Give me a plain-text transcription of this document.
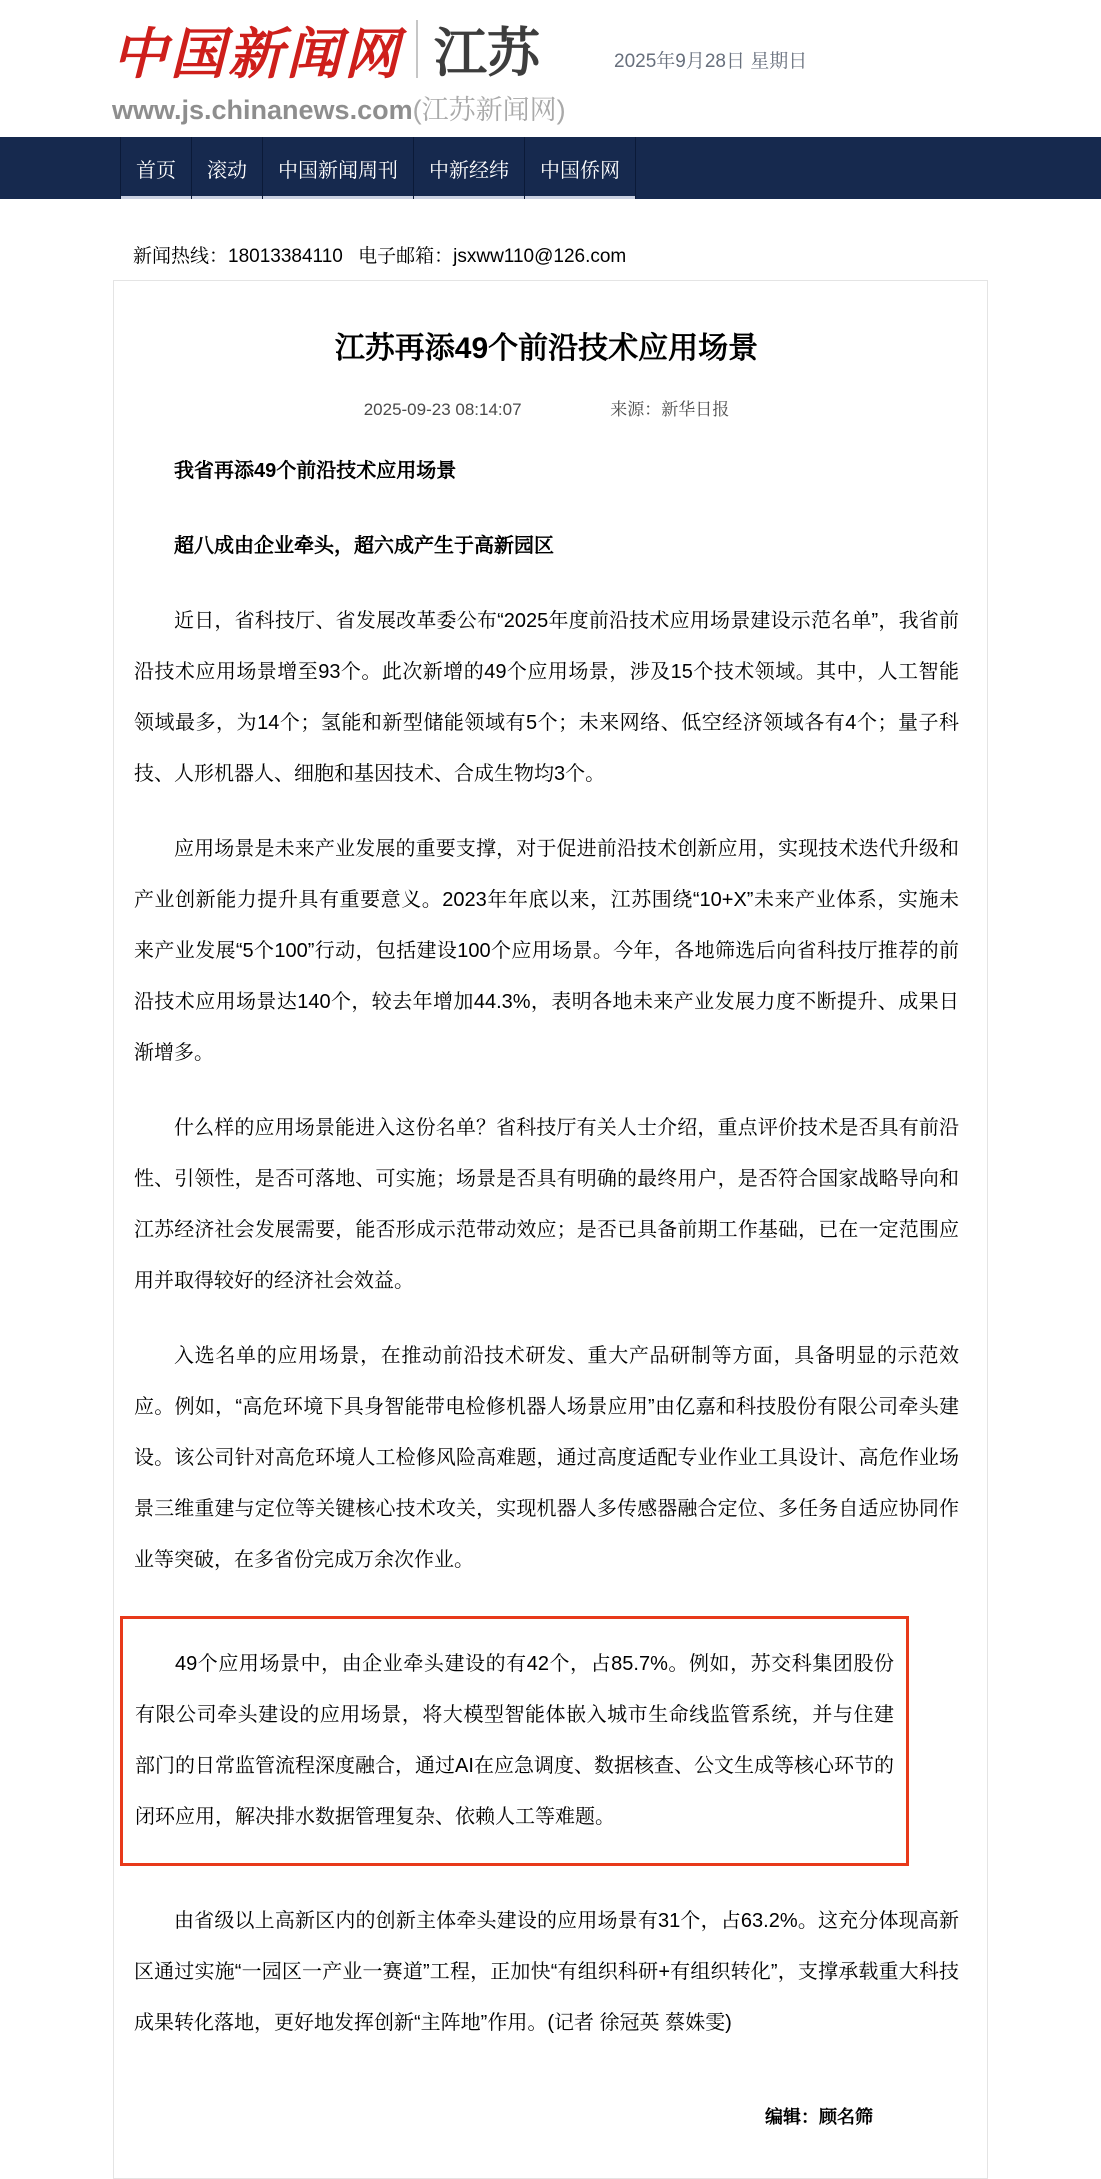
中国新闻网 江苏	2025年9月28日 星期日
www.js.chinanews.com(江苏新闻网)
首页	滚动	中国新闻周刊	中新经纬	中国侨网
新闻热线：18013384110 电子邮箱：jsxww110@126.com
江苏再添49个前沿技术应用场景
2025-09-23 08:14:07	来源：新华日报

我省再添49个前沿技术应用场景

超八成由企业牵头，超六成产生于高新园区

近日，省科技厅、省发展改革委公布“2025年度前沿技术应用场景建设示范名单”，我省前沿技术应用场景增至93个。此次新增的49个应用场景，涉及15个技术领域。其中，人工智能领域最多，为14个；氢能和新型储能领域有5个；未来网络、低空经济领域各有4个；量子科技、人形机器人、细胞和基因技术、合成生物均3个。

应用场景是未来产业发展的重要支撑，对于促进前沿技术创新应用，实现技术迭代升级和产业创新能力提升具有重要意义。2023年年底以来，江苏围绕“10+X”未来产业体系，实施未来产业发展“5个100”行动，包括建设100个应用场景。今年，各地筛选后向省科技厅推荐的前沿技术应用场景达140个，较去年增加44.3%，表明各地未来产业发展力度不断提升、成果日渐增多。

什么样的应用场景能进入这份名单？省科技厅有关人士介绍，重点评价技术是否具有前沿性、引领性，是否可落地、可实施；场景是否具有明确的最终用户，是否符合国家战略导向和江苏经济社会发展需要，能否形成示范带动效应；是否已具备前期工作基础，已在一定范围应用并取得较好的经济社会效益。

入选名单的应用场景，在推动前沿技术研发、重大产品研制等方面，具备明显的示范效应。例如，“高危环境下具身智能带电检修机器人场景应用”由亿嘉和科技股份有限公司牵头建设。该公司针对高危环境人工检修风险高难题，通过高度适配专业作业工具设计、高危作业场景三维重建与定位等关键核心技术攻关，实现机器人多传感器融合定位、多任务自适应协同作业等突破，在多省份完成万余次作业。

49个应用场景中，由企业牵头建设的有42个，占85.7%。例如，苏交科集团股份有限公司牵头建设的应用场景，将大模型智能体嵌入城市生命线监管系统，并与住建部门的日常监管流程深度融合，通过AI在应急调度、数据核查、公文生成等核心环节的闭环应用，解决排水数据管理复杂、依赖人工等难题。

由省级以上高新区内的创新主体牵头建设的应用场景有31个，占63.2%。这充分体现高新区通过实施“一园区一产业一赛道”工程，正加快“有组织科研+有组织转化”，支撑承载重大科技成果转化落地，更好地发挥创新“主阵地”作用。(记者 徐冠英 蔡姝雯)

编辑：顾名筛
